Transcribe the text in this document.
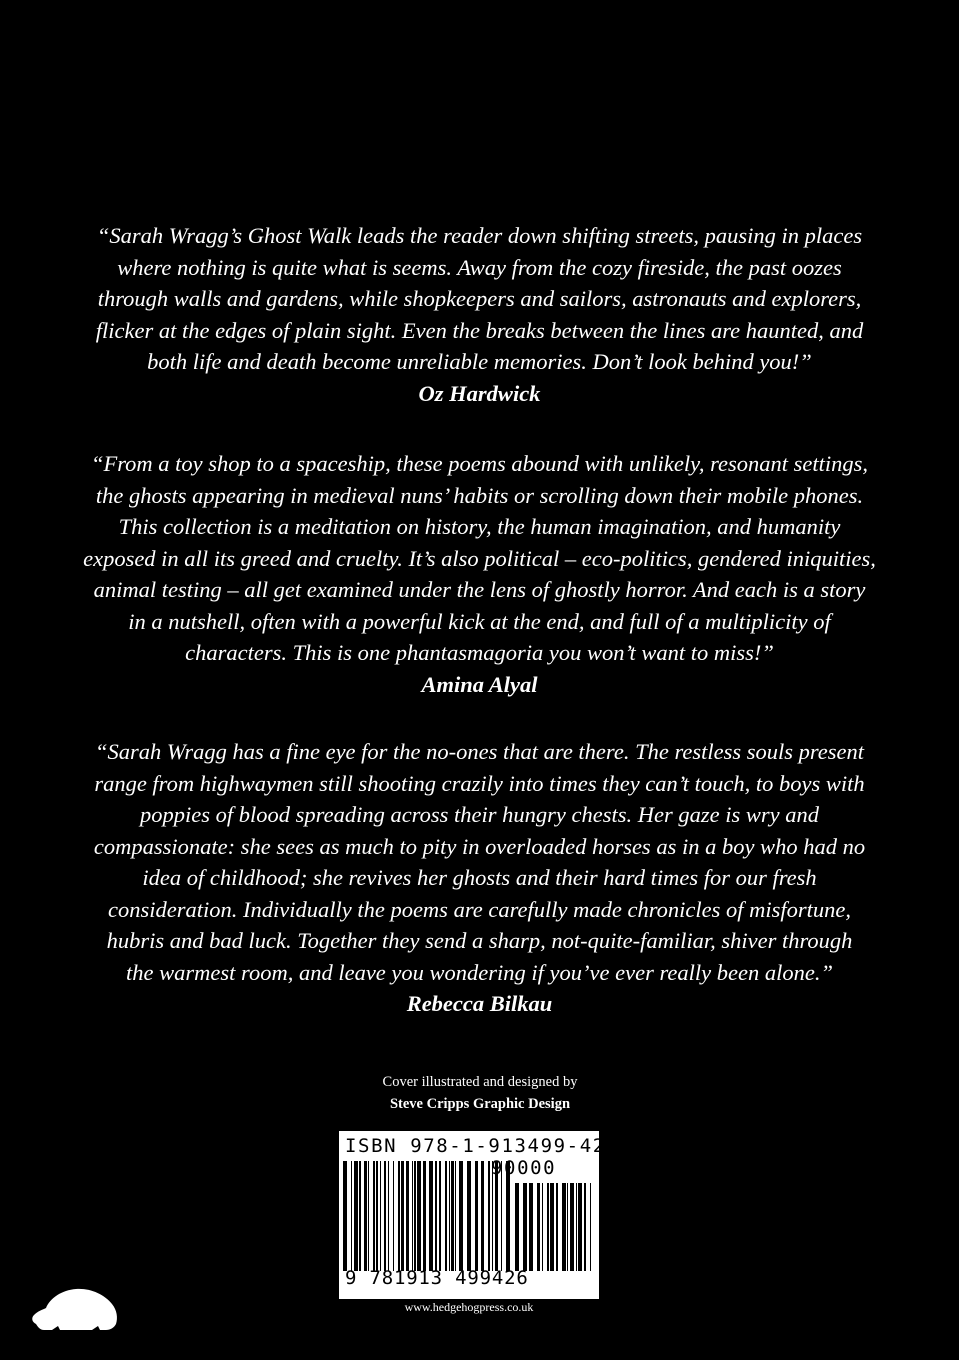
“Sarah Wragg’s Ghost Walk leads the reader down shifting streets, pausing in places
where nothing is quite what is seems. Away from the cozy fireside, the past oozes
through walls and gardens, while shopkeepers and sailors, astronauts and explorers,
flicker at the edges of plain sight. Even the breaks between the lines are haunted, and
both life and death become unreliable memories. Don’t look behind you!”
Oz Hardwick
“From a toy shop to a spaceship, these poems abound with unlikely, resonant settings,
the ghosts appearing in medieval nuns’ habits or scrolling down their mobile phones.
This collection is a meditation on history, the human imagination, and humanity
exposed in all its greed and cruelty. It’s also political – eco-politics, gendered iniquities,
animal testing – all get examined under the lens of ghostly horror. And each is a story
in a nutshell, often with a powerful kick at the end, and full of a multiplicity of
characters. This is one phantasmagoria you won’t want to miss!”
Amina Alyal
“Sarah Wragg has a fine eye for the no-ones that are there. The restless souls present
range from highwaymen still shooting crazily into times they can’t touch, to boys with
poppies of blood spreading across their hungry chests. Her gaze is wry and
compassionate: she sees as much to pity in overloaded horses as in a boy who had no
idea of childhood; she revives her ghosts and their hard times for our fresh
consideration. Individually the poems are carefully made chronicles of misfortune,
hubris and bad luck. Together they send a sharp, not-quite-familiar, shiver through
the warmest room, and leave you wondering if you’ve ever really been alone.”
Rebecca Bilkau
Cover illustrated and designed by
Steve Cripps Graphic Design
ISBN 978-1-913499-42-6
90000
9 781913 499426
www.hedgehogpress.co.uk
